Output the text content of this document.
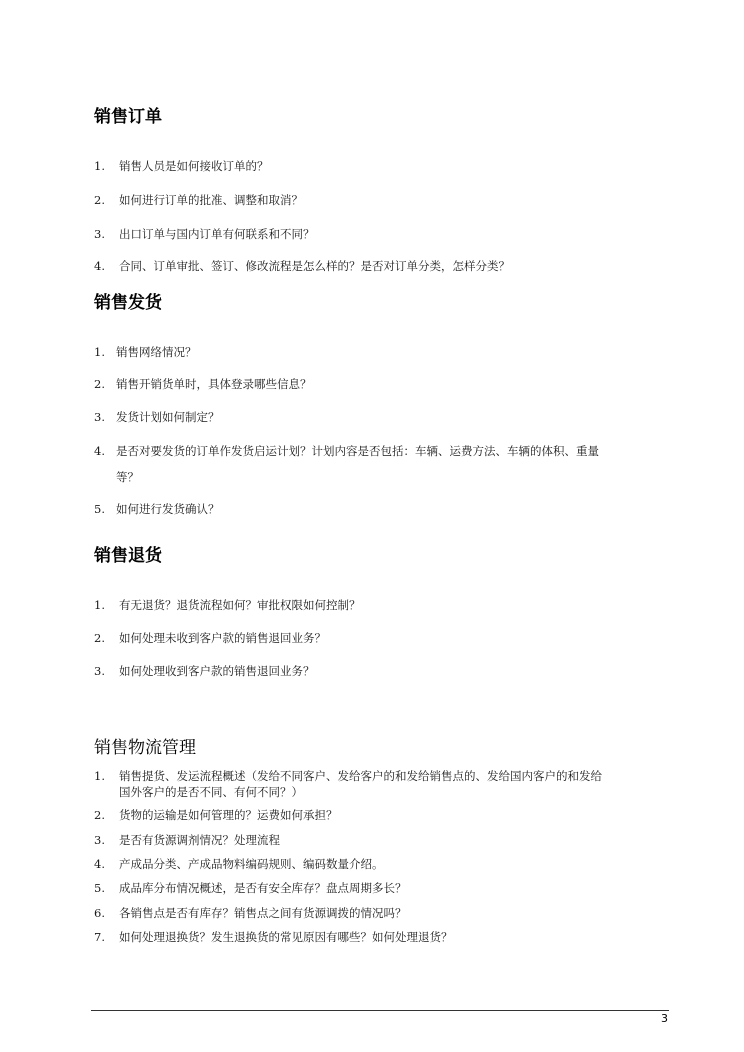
销售订单

1. 销售人员是如何接收订单的？

2. 如何进行订单的批准、调整和取消？

3. 出口订单与国内订单有何联系和不同？

4. 合同、订单审批、签订、修改流程是怎么样的？是否对订单分类，怎样分类？

销售发货

1. 销售网络情况？

2. 销售开销货单时，具体登录哪些信息？

3. 发货计划如何制定？

4. 是否对要发货的订单作发货启运计划？计划内容是否包括：车辆、运费方法、车辆的体积、重量

等？

5. 如何进行发货确认？

销售退货

1. 有无退货？退货流程如何？审批权限如何控制？

2. 如何处理未收到客户款的销售退回业务？

3. 如何处理收到客户款的销售退回业务？

销售物流管理

1. 销售提货、发运流程概述（发给不同客户、发给客户的和发给销售点的、发给国内客户的和发给

国外客户的是否不同、有何不同？）

2. 货物的运输是如何管理的？运费如何承担？

3. 是否有货源调剂情况？处理流程

4. 产成品分类、产成品物料编码规则、编码数量介绍。

5. 成品库分布情况概述，是否有安全库存？盘点周期多长？

6. 各销售点是否有库存？销售点之间有货源调拨的情况吗？

7. 如何处理退换货？发生退换货的常见原因有哪些？如何处理退货？

3
